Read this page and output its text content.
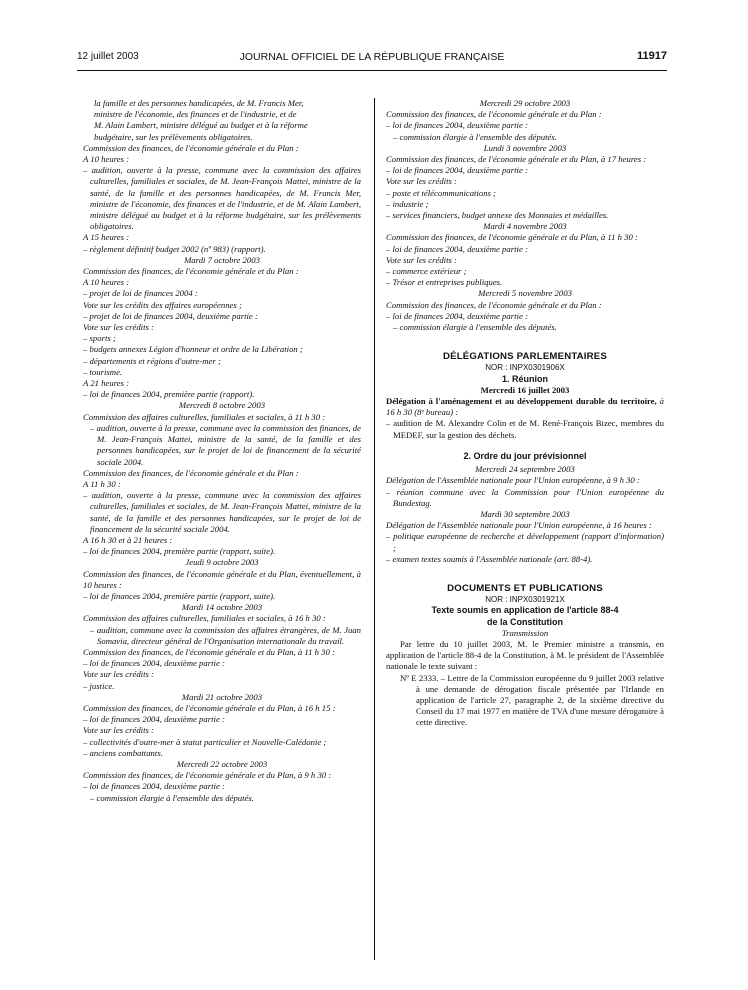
12 juillet 2003	JOURNAL OFFICIEL DE LA RÉPUBLIQUE FRANÇAISE	11917
la famille et des personnes handicapées, de M. Francis Mer,
ministre de l'économie, des finances et de l'industrie, et de
M. Alain Lambert, ministre délégué au budget et à la réforme
budgétaire, sur les prélèvements obligatoires.
Commission des finances, de l'économie générale et du Plan :
A 10 heures :
– audition, ouverte à la presse, commune avec la commission des affaires culturelles, familiales et sociales, de M. Jean-François Mattei, ministre de la santé, de la famille et des personnes handicapées, de M. Francis Mer, ministre de l'économie, des finances et de l'industrie, et de M. Alain Lambert, ministre délégué au budget et à la réforme budgétaire, sur les prélèvements obligatoires.
A 15 heures :
– règlement définitif budget 2002 (nº 983) (rapport).
Mardi 7 octobre 2003
Commission des finances, de l'économie générale et du Plan :
A 10 heures :
– projet de loi de finances 2004 :
Vote sur les crédits des affaires européennes ;
– projet de loi de finances 2004, deuxième partie :
Vote sur les crédits :
– sports ;
– budgets annexes Légion d'honneur et ordre de la Libération ;
– départements et régions d'outre-mer ;
– tourisme.
A 21 heures :
– loi de finances 2004, première partie (rapport).
Mercredi 8 octobre 2003
Commission des affaires culturelles, familiales et sociales, à 11 h 30 :
– audition, ouverte à la presse, commune avec la commission des finances, de M. Jean-François Mattei, ministre de la santé, de la famille et des personnes handicapées, sur le projet de loi de financement de la sécurité sociale 2004.
Commission des finances, de l'économie générale et du Plan :
A 11 h 30 :
– audition, ouverte à la presse, commune avec la commission des affaires culturelles, familiales et sociales, de M. Jean-François Mattei, ministre de la santé, de la famille et des personnes handicapées, sur le projet de loi de financement de la sécurité sociale 2004.
A 16 h 30 et à 21 heures :
– loi de finances 2004, première partie (rapport, suite).
Jeudi 9 octobre 2003
Commission des finances, de l'économie générale et du Plan, éventuellement, à 10 heures :
– loi de finances 2004, première partie (rapport, suite).
Mardi 14 octobre 2003
Commission des affaires culturelles, familiales et sociales, à 16 h 30 :
– audition, commune avec la commission des affaires étrangères, de M. Juan Somavia, directeur général de l'Organisation internationale du travail.
Commission des finances, de l'économie générale et du Plan, à 11 h 30 :
– loi de finances 2004, deuxième partie :
Vote sur les crédits :
– justice.
Mardi 21 octobre 2003
Commission des finances, de l'économie générale et du Plan, à 16 h 15 :
– loi de finances 2004, deuxième partie :
Vote sur les crédits :
– collectivités d'outre-mer à statut particulier et Nouvelle-Calédonie ;
– anciens combattants.
Mercredi 22 octobre 2003
Commission des finances, de l'économie générale et du Plan, à 9 h 30 :
– loi de finances 2004, deuxième partie :
– commission élargie à l'ensemble des députés.
Mercredi 29 octobre 2003
Commission des finances, de l'économie générale et du Plan :
– loi de finances 2004, deuxième partie :
– commission élargie à l'ensemble des députés.
Lundi 3 novembre 2003
Commission des finances, de l'économie générale et du Plan, à 17 heures :
– loi de finances 2004, deuxième partie :
Vote sur les crédits :
– poste et télécommunications ;
– industrie ;
– services financiers, budget annexe des Monnaies et médailles.
Mardi 4 novembre 2003
Commission des finances, de l'économie générale et du Plan, à 11 h 30 :
– loi de finances 2004, deuxième partie :
Vote sur les crédits :
– commerce extérieur ;
– Trésor et entreprises publiques.
Mercredi 5 novembre 2003
Commission des finances, de l'économie générale et du Plan :
– loi de finances 2004, deuxième partie :
– commission élargie à l'ensemble des députés.
DÉLÉGATIONS PARLEMENTAIRES
NOR : INPX0301906X
1. Réunion
Mercredi 16 juillet 2003
Délégation à l'aménagement et au développement durable du territoire, à 16 h 30 (8ᵉ bureau) :
– audition de M. Alexandre Colin et de M. René-François Bizec, membres du MEDEF, sur la gestion des déchets.
2. Ordre du jour prévisionnel
Mercredi 24 septembre 2003
Délégation de l'Assemblée nationale pour l'Union européenne, à 9 h 30 :
– réunion commune avec la Commission pour l'Union européenne du Bundestag.
Mardi 30 septembre 2003
Délégation de l'Assemblée nationale pour l'Union européenne, à 16 heures :
– politique européenne de recherche et développement (rapport d'information) ;
– examen textes soumis à l'Assemblée nationale (art. 88-4).
DOCUMENTS ET PUBLICATIONS
NOR : INPX0301921X
Texte soumis en application de l'article 88-4
de la Constitution
Transmission
Par lettre du 10 juillet 2003, M. le Premier ministre a transmis, en application de l'article 88-4 de la Constitution, à M. le président de l'Assemblée nationale le texte suivant :
Nº E 2333. – Lettre de la Commission européenne du 9 juillet 2003 relative à une demande de dérogation fiscale présentée par l'Irlande en application de l'article 27, paragraphe 2, de la sixième directive du Conseil du 17 mai 1977 en matière de TVA d'une mesure dérogatoire à cette directive.
